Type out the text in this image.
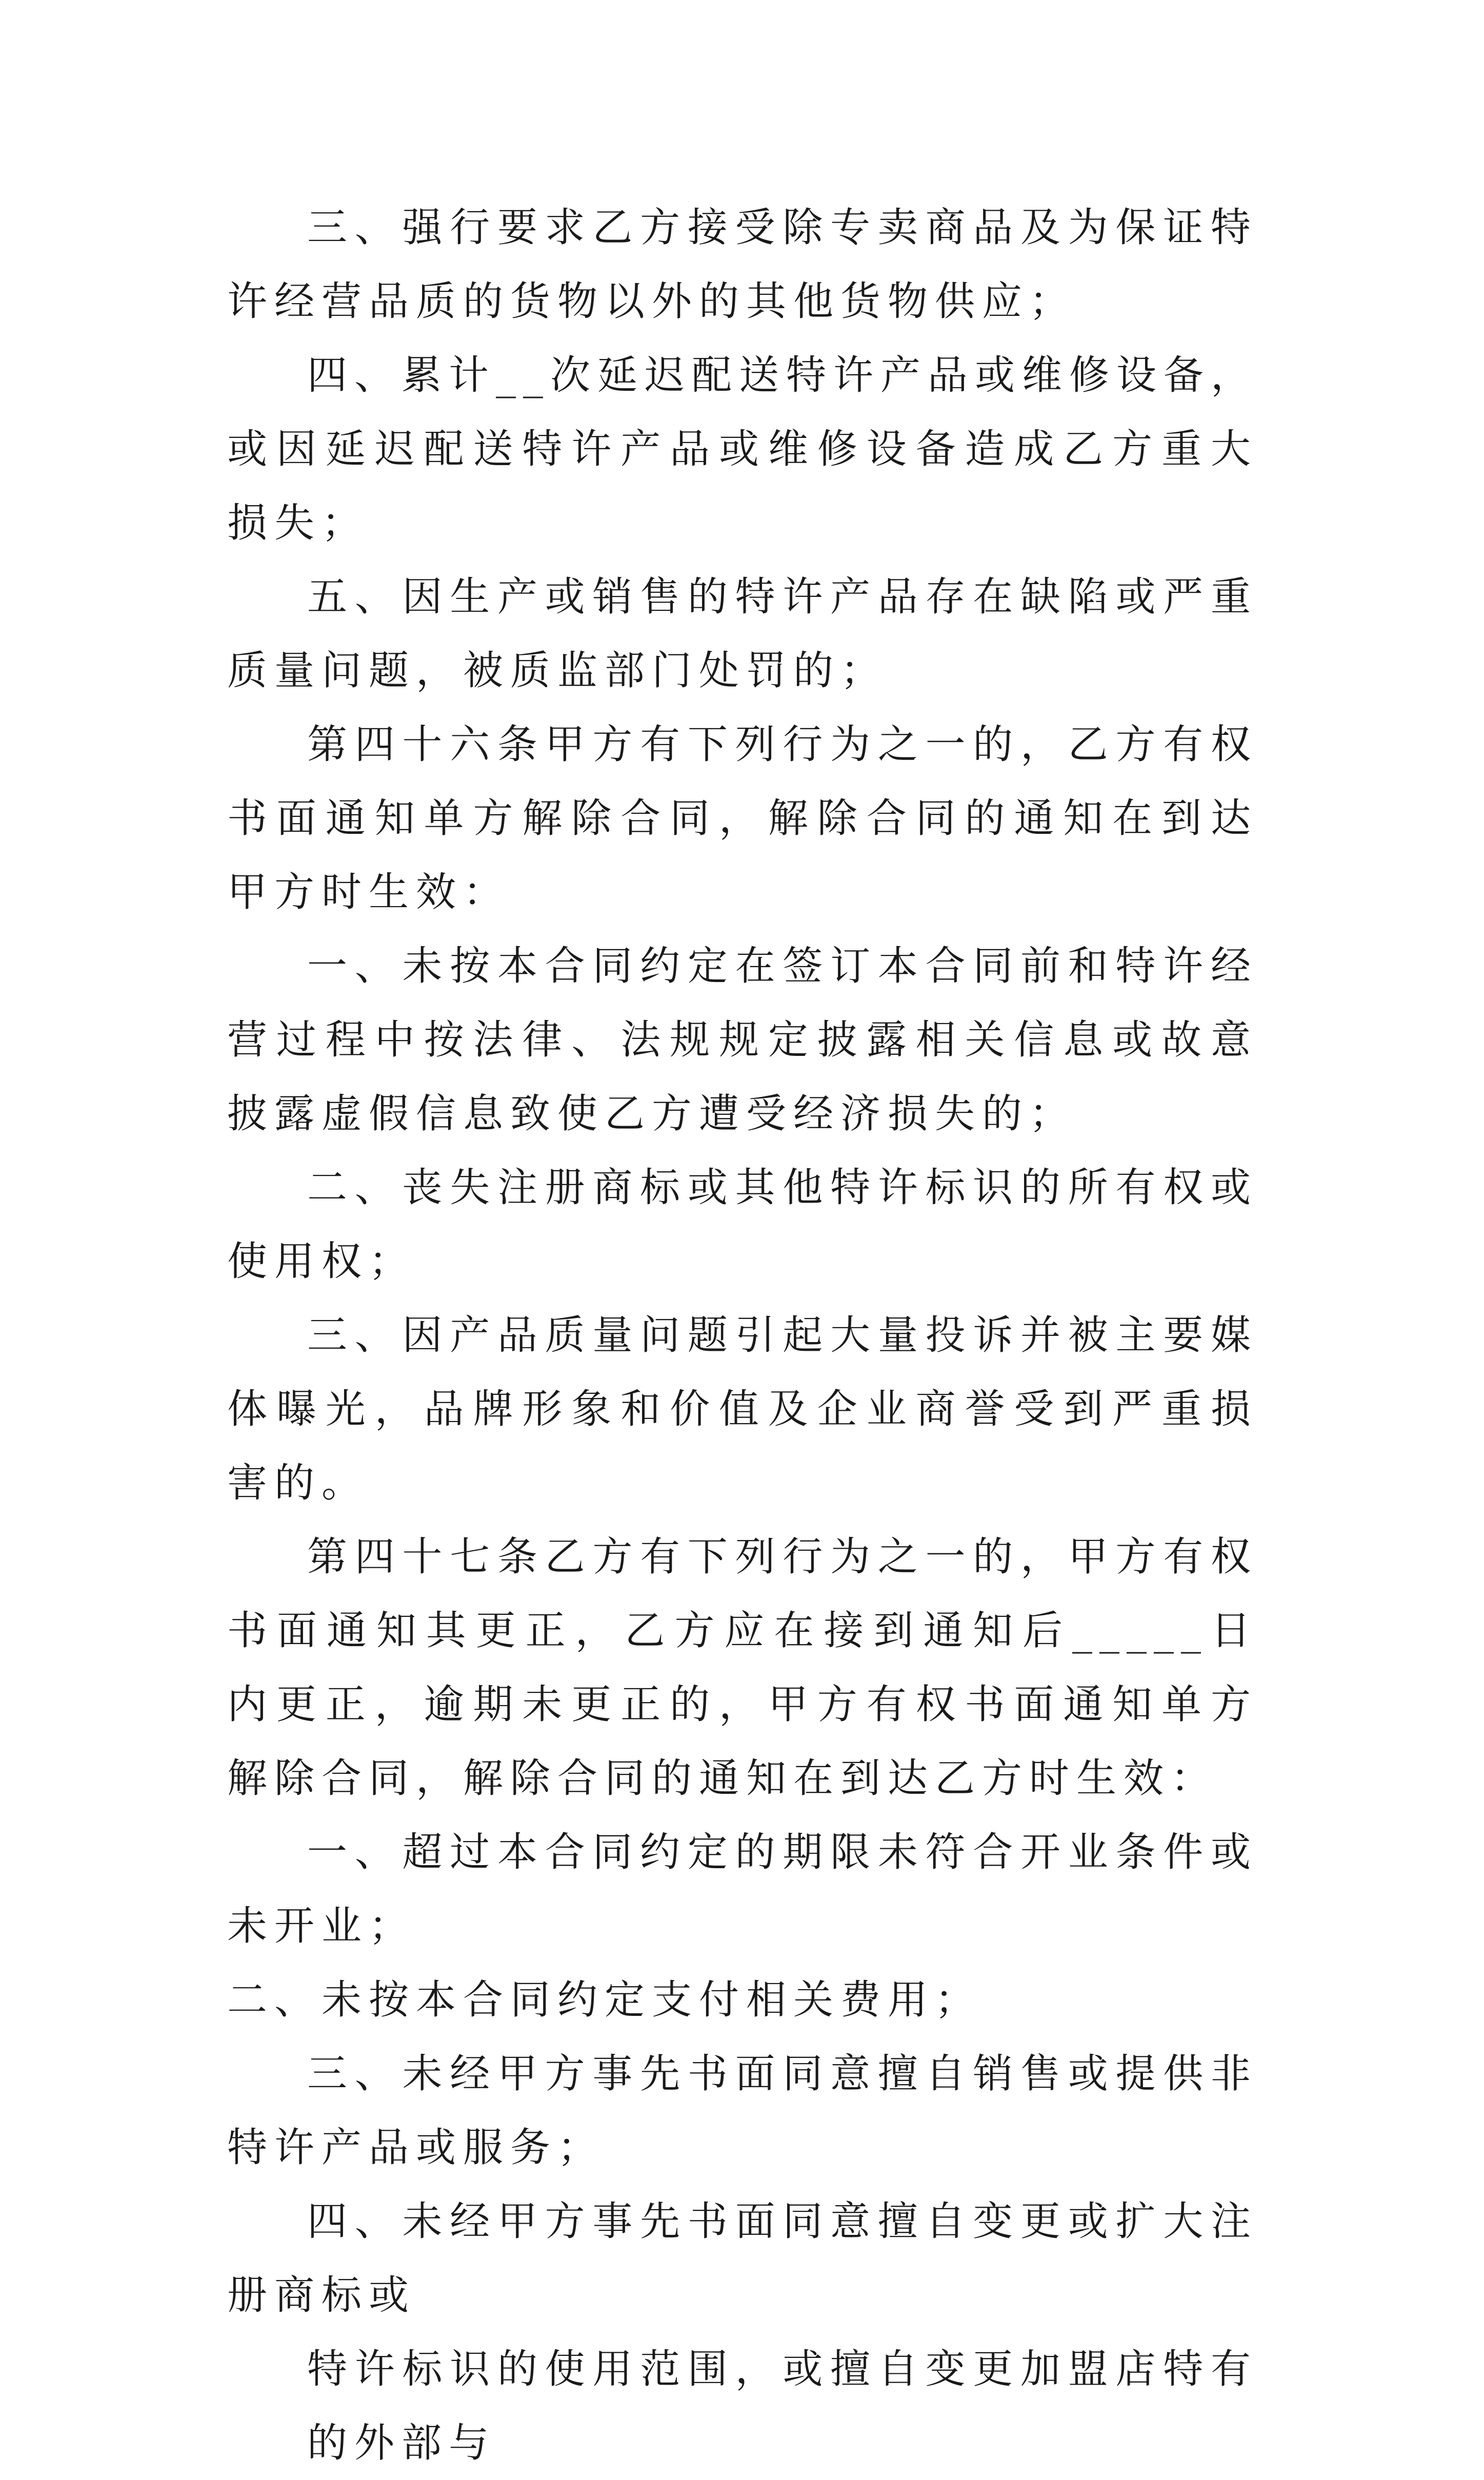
三、强行要求乙方接受除专卖商品及为保证特许经营品质的货物以外的其他货物供应；

四、累计__次延迟配送特许产品或维修设备，或因延迟配送特许产品或维修设备造成乙方重大损失；

五、因生产或销售的特许产品存在缺陷或严重质量问题，被质监部门处罚的；

第四十六条甲方有下列行为之一的，乙方有权书面通知单方解除合同，解除合同的通知在到达甲方时生效：

一、未按本合同约定在签订本合同前和特许经营过程中按法律、法规规定披露相关信息或故意披露虚假信息致使乙方遭受经济损失的；

二、丧失注册商标或其他特许标识的所有权或使用权；

三、因产品质量问题引起大量投诉并被主要媒体曝光，品牌形象和价值及企业商誉受到严重损害的。

第四十七条乙方有下列行为之一的，甲方有权书面通知其更正，乙方应在接到通知后_____日内更正，逾期未更正的，甲方有权书面通知单方解除合同，解除合同的通知在到达乙方时生效：

一、超过本合同约定的期限未符合开业条件或未开业；

二、未按本合同约定支付相关费用；

三、未经甲方事先书面同意擅自销售或提供非特许产品或服务；

四、未经甲方事先书面同意擅自变更或扩大注册商标或

特许标识的使用范围，或擅自变更加盟店特有的外部与
